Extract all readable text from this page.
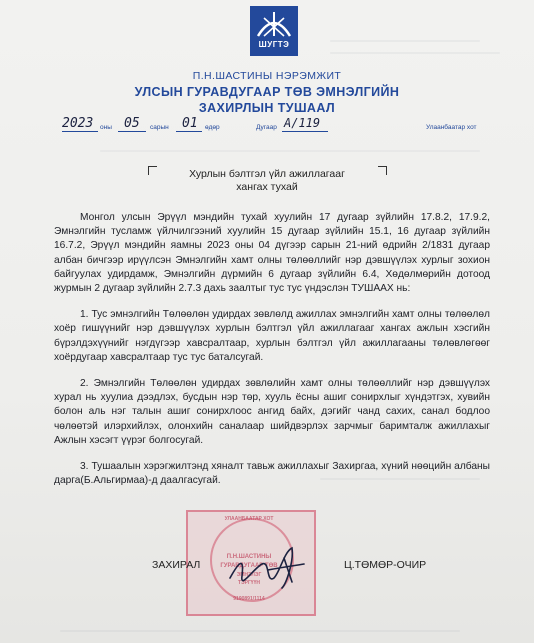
ШУГТЭ
П.Н.ШАСТИНЫ НЭРЭМЖИТ
УЛСЫН ГУРАВДУГААР ТӨВ ЭМНЭЛГИЙН
ЗАХИРЛЫН ТУШААЛ
2023 оны 05 сарын 01 өдөр	Дугаар А/119	Улаанбаатар хот
Хурлын бэлтгэл үйл ажиллагааг
хангах тухай

Монгол улсын Эрүүл мэндийн тухай хуулийн 17 дугаар зүйлийн 17.8.2, 17.9.2, Эмнэлгийн тусламж үйлчилгээний хуулийн 15 дугаар зүйлийн 15.1, 16 дугаар зүйлийн 16.7.2, Эрүүл мэндийн яамны 2023 оны 04 дүгээр сарын 21-ний өдрийн 2/1831 дугаар албан бичгээр ирүүлсэн Эмнэлгийн хамт олны төлөөллийг нэр дэвшүүлэх хурлыг зохион байгуулах удирдамж, Эмнэлгийн дүрмийн 6 дугаар зүйлийн 6.4, Хөдөлмөрийн дотоод журмын 2 дугаар зүйлийн 2.7.3 дахь заалтыг тус тус үндэслэн ТУШААХ нь:

1. Тус эмнэлгийн Төлөөлөн удирдах зөвлөлд ажиллах эмнэлгийн хамт олны төлөөлөл хоёр гишүүнийг нэр дэвшүүлэх хурлын бэлтгэл үйл ажиллагааг хангах ажлын хэсгийн бүрэлдэхүүнийг нэгдүгээр хавсралтаар, хурлын бэлтгэл үйл ажиллагааны төлөвлөгөөг хоёрдугаар хавсралтаар тус тус баталсугай.

2. Эмнэлгийн Төлөөлөн удирдах зөвлөлийн хамт олны төлөөллийг нэр дэвшүүлэх хурал нь хуулиа дээдлэх, бусдын нэр төр, хууль ёсны ашиг сонирхлыг хүндэтгэх, хувийн болон аль нэг талын ашиг сонирхлоос ангид байх, дэгийг чанд сахих, санал бодлоо чөлөөтэй илэрхийлэх, олонхийн саналаар шийдвэрлэх зарчмыг баримталж ажиллахыг Ажлын хэсэгт үүрэг болгосугай.

3. Тушаалын хэрэгжилтэнд хяналт тавьж ажиллахыг Захиргаа, хүний нөөцийн албаны дарга(Б.Альгирмаа)-д даалгасугай.

УЛААНБААТАР ХОТ
П.Н.ШАСТИНЫ
ГУРАВДУГААР ТӨВ
ЭМНЭЛЭГ
ТЭРГҮҮН
9190891/1114
ЗАХИРАЛ	Ц.ТӨМӨР-ОЧИР
